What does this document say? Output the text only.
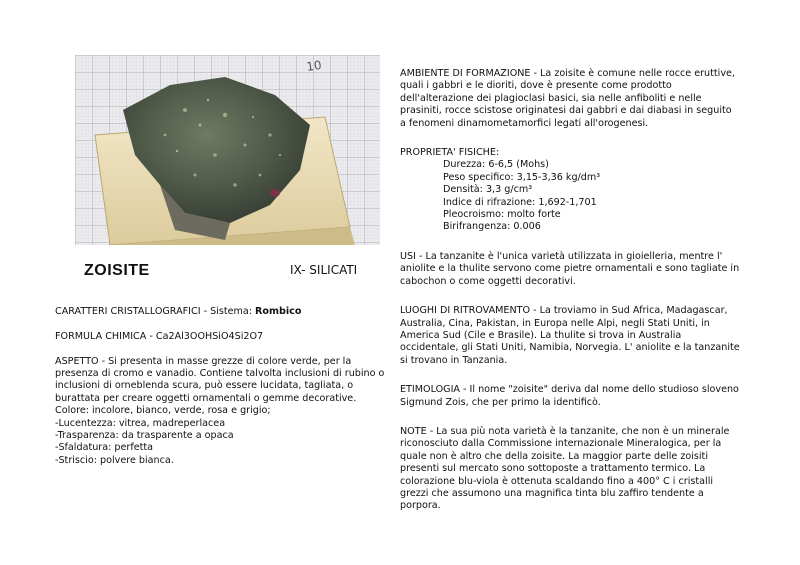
10
ZOISITE	IX- SILICATI

CARATTERI CRISTALLOGRAFICI - Sistema: Rombico

FORMULA CHIMICA - Ca2Al3OOHSiO4Si2O7

ASPETTO - Si presenta in masse grezze di colore verde, per la presenza di cromo e vanadio. Contiene talvolta inclusioni di rubino o inclusioni di orneblenda scura, può essere lucidata, tagliata, o burattata per creare oggetti ornamentali o gemme decorative.

Colore: incolore, bianco, verde, rosa e grigio;

-Lucentezza: vitrea, madreperlacea

-Trasparenza: da trasparente a opaca

-Sfaldatura: perfetta

-Striscio: polvere bianca.

AMBIENTE DI FORMAZIONE - La zoisite è comune nelle rocce eruttive, quali i gabbri e le dioriti, dove è presente come prodotto dell'alterazione dei plagioclasi basici, sia nelle anfiboliti e nelle prasiniti, rocce scistose originatesi dai gabbri e dai diabasi in seguito a fenomeni dinamometamorfici legati all'orogenesi.

PROPRIETA' FISICHE:

Durezza: 6-6,5 (Mohs)

Peso specifico: 3,15-3,36 kg/dm³

Densità: 3,3 g/cm³

Indice di rifrazione: 1,692-1,701

Pleocroismo: molto forte

Birifrangenza: 0.006

USI - La tanzanite è l'unica varietà utilizzata in gioielleria, mentre l' aniolite e la thulite servono come pietre ornamentali e sono tagliate in cabochon o come oggetti decorativi.

LUOGHI DI RITROVAMENTO - La troviamo in Sud Africa, Madagascar, Australia, Cina, Pakistan, in Europa nelle Alpi, negli Stati Uniti, in America Sud (Cile e Brasile). La thulite si trova in Australia occidentale, gli Stati Uniti, Namibia, Norvegia. L' aniolite e la tanzanite si trovano in Tanzania.

ETIMOLOGIA - Il nome "zoisite" deriva dal nome dello studioso sloveno Sigmund Zois, che per primo la identificò.

NOTE - La sua più nota varietà è la tanzanite, che non è un minerale riconosciuto dalla Commissione internazionale Mineralogica, per la quale non è altro che della zoisite. La maggior parte delle zoisiti presenti sul mercato sono sottoposte a trattamento termico. La colorazione blu-viola è ottenuta scaldando fino a 400° C i cristalli grezzi che assumono una magnifica tinta blu zaffiro tendente a porpora.
